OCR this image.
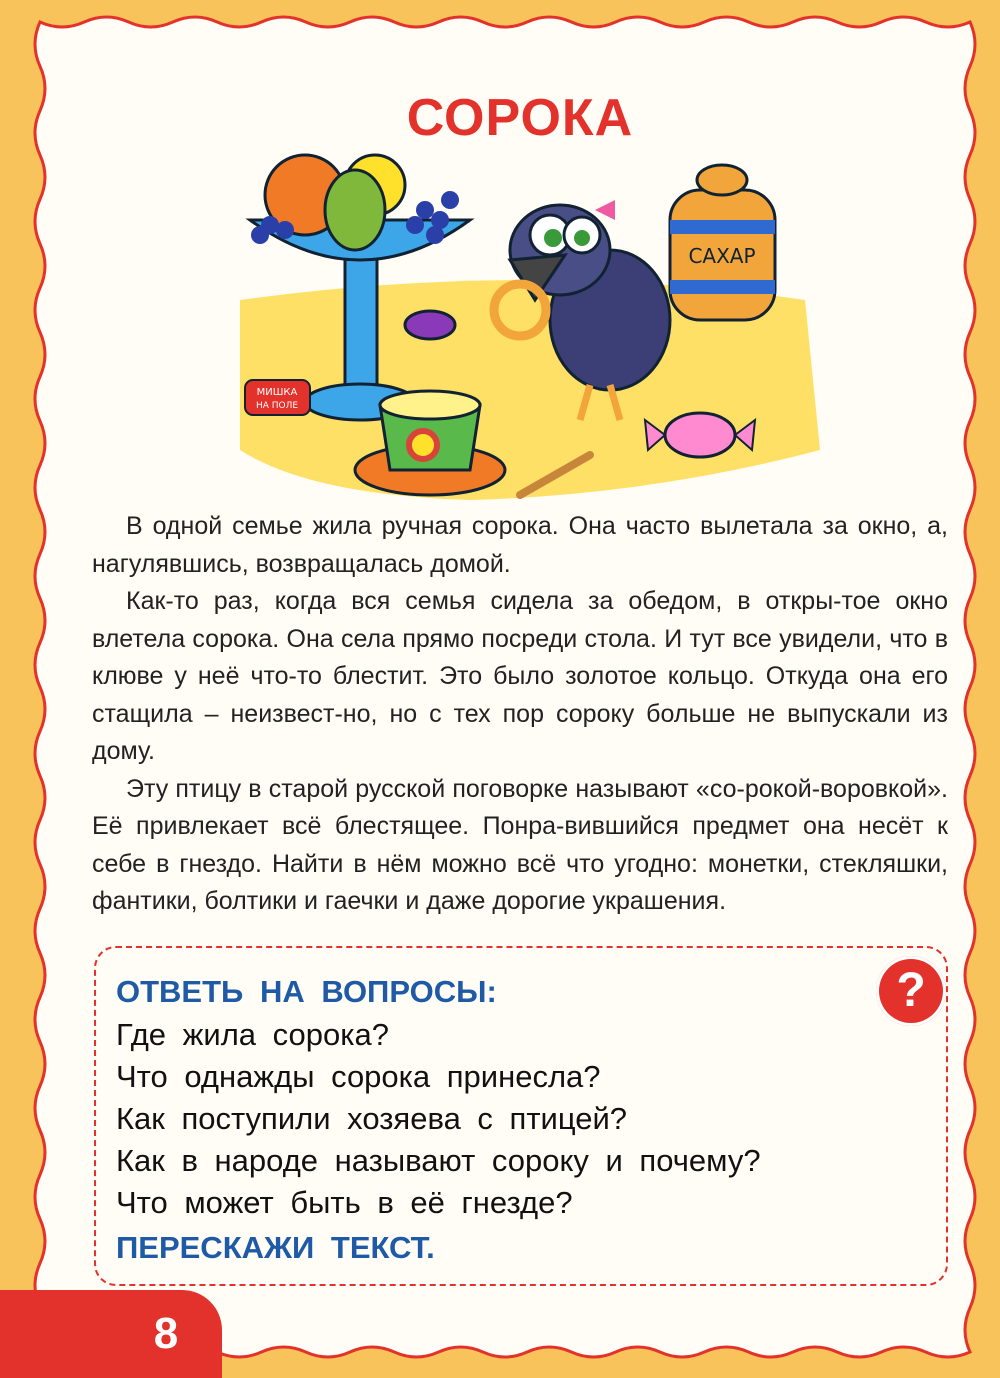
СОРОКА
САХАР
МИШКА
НА ПОЛЕ

В одной семье жила ручная сорока. Она часто вылетала за окно, а, нагулявшись, возвращалась домой.

Как-то раз, когда вся семья сидела за обедом, в откры-тое окно влетела сорока. Она села прямо посреди стола. И тут все увидели, что в клюве у неё что-то блестит. Это было золотое кольцо. Откуда она его стащила – неизвест-но, но с тех пор сороку больше не выпускали из дому.

Эту птицу в старой русской поговорке называют «со-рокой-воровкой». Её привлекает всё блестящее. Понра-вившийся предмет она несёт к себе в гнездо. Найти в нём можно всё что угодно: монетки, стекляшки, фантики, болтики и гаечки и даже дорогие украшения.

ОТВЕТЬ НА ВОПРОСЫ:	?
Где жила сорока?
Что однажды сорока принесла?
Как поступили хозяева с птицей?
Как в народе называют сороку и почему?
Что может быть в её гнезде?
ПЕРЕСКАЖИ ТЕКСТ.
8
